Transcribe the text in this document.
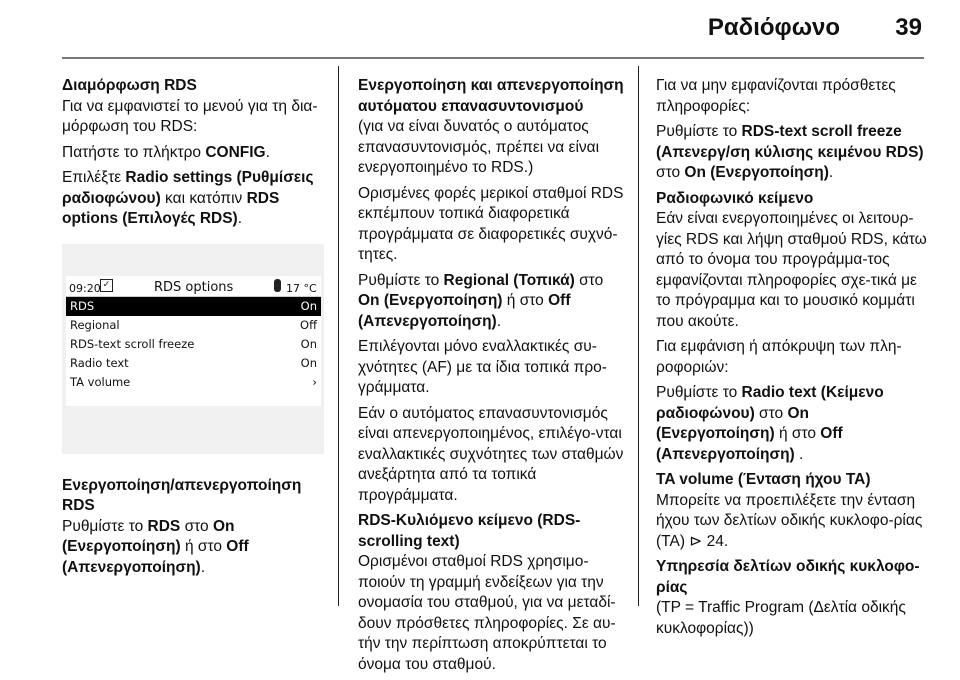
Ραδιόφωνο 39

Διαμόρφωση RDS

Για να εμφανιστεί το μενού για τη δια-μόρφωση του RDS:

Πατήστε το πλήκτρο CONFIG.

Επιλέξτε Radio settings (Ρυθμίσεις ραδιοφώνου) και κατόπιν RDS options (Επιλογές RDS).

09:20 ✓	RDS options	17 °C
RDS	On
Regional	Off
RDS-text scroll freeze	On
Radio text	On
TA volume	›

Ενεργοποίηση/απενεργοποίηση RDS

Ρυθμίστε το RDS στο On (Ενεργοποίηση) ή στο Off (Απενεργοποίηση).

Ενεργοποίηση και απενεργοποίηση αυτόματου επανασυντονισμού

(για να είναι δυνατός ο αυτόματος επανασυντονισμός, πρέπει να είναι ενεργοποιημένο το RDS.)

Ορισμένες φορές μερικοί σταθμοί RDS εκπέμπουν τοπικά διαφορετικά προγράμματα σε διαφορετικές συχνό-τητες.

Ρυθμίστε το Regional (Τοπικά) στο On (Ενεργοποίηση) ή στο Off (Απενεργοποίηση).

Επιλέγονται μόνο εναλλακτικές συ-χνότητες (AF) με τα ίδια τοπικά προ-γράμματα.

Εάν ο αυτόματος επανασυντονισμός είναι απενεργοποιημένος, επιλέγο-νται εναλλακτικές συχνότητες των σταθμών ανεξάρτητα από τα τοπικά προγράμματα.

RDS-Κυλιόμενο κείμενο (RDS-scrolling text)

Ορισμένοι σταθμοί RDS χρησιμο-ποιούν τη γραμμή ενδείξεων για την ονομασία του σταθμού, για να μεταδί-δουν πρόσθετες πληροφορίες. Σε αυ-τήν την περίπτωση αποκρύπτεται το όνομα του σταθμού.

Για να μην εμφανίζονται πρόσθετες πληροφορίες:

Ρυθμίστε το RDS-text scroll freeze (Απενεργ/ση κύλισης κειμένου RDS) στο On (Ενεργοποίηση).

Ραδιοφωνικό κείμενο

Εάν είναι ενεργοποιημένες οι λειτουρ-γίες RDS και λήψη σταθμού RDS, κάτω από το όνομα του προγράμμα-τος εμφανίζονται πληροφορίες σχε-τικά με το πρόγραμμα και το μουσικό κομμάτι που ακούτε.

Για εμφάνιση ή απόκρυψη των πλη-ροφοριών:

Ρυθμίστε το Radio text (Κείμενο ραδιοφώνου) στο On (Ενεργοποίηση) ή στο Off (Απενεργοποίηση) .

TA volume (Ένταση ήχου TA)

Μπορείτε να προεπιλέξετε την ένταση ήχου των δελτίων οδικής κυκλοφο-ρίας (TA) ⊳ 24.

Υπηρεσία δελτίων οδικής κυκλοφο-ρίας

(TP = Traffic Program (Δελτία οδικής κυκλοφορίας))
